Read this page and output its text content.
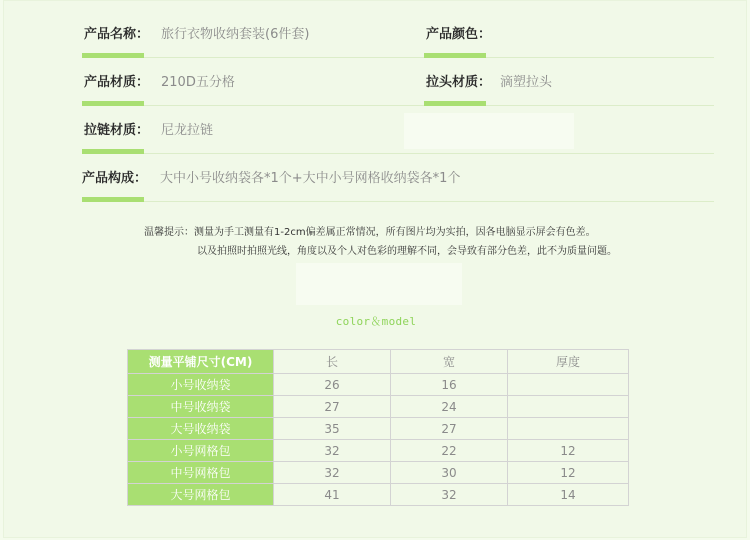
产品名称： 旅行衣物收纳套装(6件套)	产品颜色：
产品材质： 210D五分格	拉头材质： 滴塑拉头
拉链材质： 尼龙拉链
产品构成： 大中小号收纳袋各*1个+大中小号网格收纳袋各*1个
温馨提示：测量为手工测量有1-2cm偏差属正常情况，所有图片均为实拍，因各电脑显示屏会有色差。
以及拍照时拍照光线，角度以及个人对色彩的理解不同，会导致有部分色差，此不为质量问题。
color＆model
测量平铺尺寸(CM)	长	宽	厚度
小号收纳袋	26	16	
中号收纳袋	27	24	
大号收纳袋	35	27	
小号网格包	32	22	12
中号网格包	32	30	12
大号网格包	41	32	14
